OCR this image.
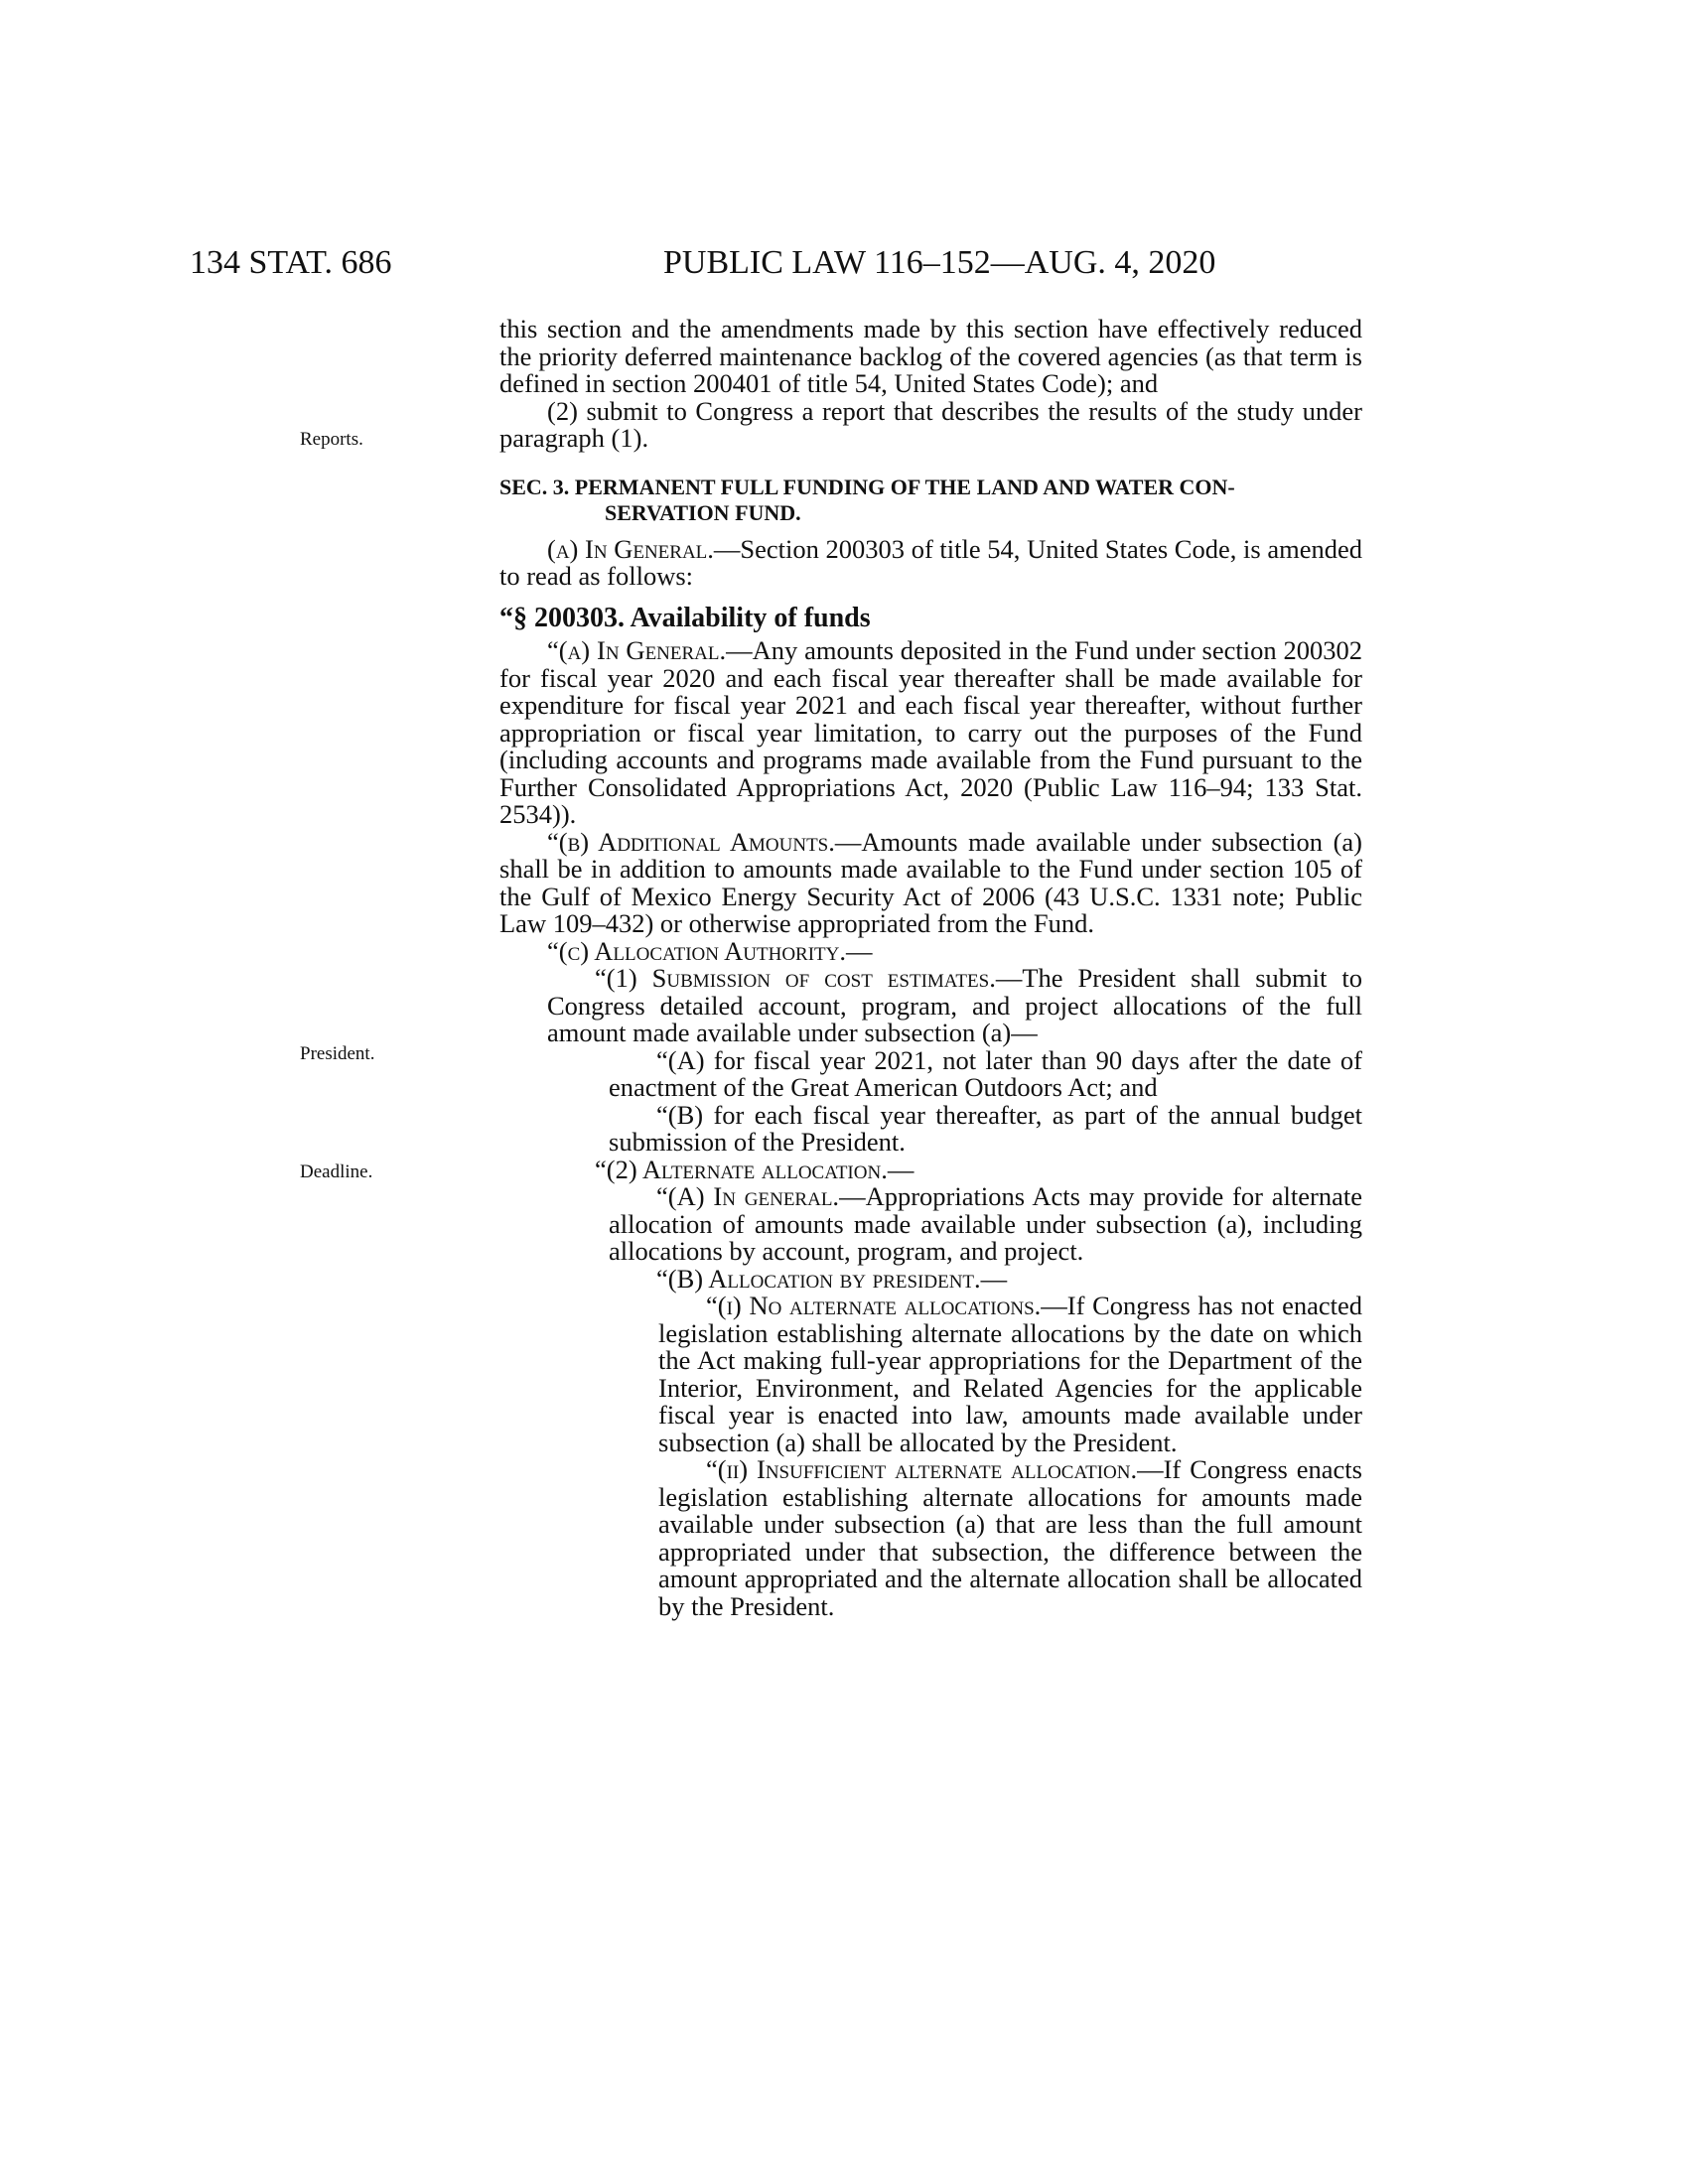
134 STAT. 686	PUBLIC LAW 116–152—AUG. 4, 2020
Reports.
President.
Deadline.

this section and the amendments made by this section have effectively reduced the priority deferred maintenance backlog of the covered agencies (as that term is defined in section 200401 of title 54, United States Code); and

(2) submit to Congress a report that describes the results of the study under paragraph (1).

SEC. 3. PERMANENT FULL FUNDING OF THE LAND AND WATER CON-
SERVATION FUND.

(a) In General.—Section 200303 of title 54, United States Code, is amended to read as follows:

“§ 200303. Availability of funds

“(a) In General.—Any amounts deposited in the Fund under section 200302 for fiscal year 2020 and each fiscal year thereafter shall be made available for expenditure for fiscal year 2021 and each fiscal year thereafter, without further appropriation or fiscal year limitation, to carry out the purposes of the Fund (including accounts and programs made available from the Fund pursuant to the Further Consolidated Appropriations Act, 2020 (Public Law 116–94; 133 Stat. 2534)).

“(b) Additional Amounts.—Amounts made available under subsection (a) shall be in addition to amounts made available to the Fund under section 105 of the Gulf of Mexico Energy Security Act of 2006 (43 U.S.C. 1331 note; Public Law 109–432) or otherwise appropriated from the Fund.

“(c) Allocation Authority.—

“(1) Submission of cost estimates.—The President shall submit to Congress detailed account, program, and project allocations of the full amount made available under subsection (a)—

“(A) for fiscal year 2021, not later than 90 days after the date of enactment of the Great American Outdoors Act; and

“(B) for each fiscal year thereafter, as part of the annual budget submission of the President.

“(2) Alternate allocation.—

“(A) In general.—Appropriations Acts may provide for alternate allocation of amounts made available under subsection (a), including allocations by account, program, and project.

“(B) Allocation by president.—

“(i) No alternate allocations.—If Congress has not enacted legislation establishing alternate allocations by the date on which the Act making full-year appropriations for the Department of the Interior, Environment, and Related Agencies for the applicable fiscal year is enacted into law, amounts made available under subsection (a) shall be allocated by the President.

“(ii) Insufficient alternate allocation.—If Congress enacts legislation establishing alternate allocations for amounts made available under subsection (a) that are less than the full amount appropriated under that subsection, the difference between the amount appropriated and the alternate allocation shall be allocated by the President.
